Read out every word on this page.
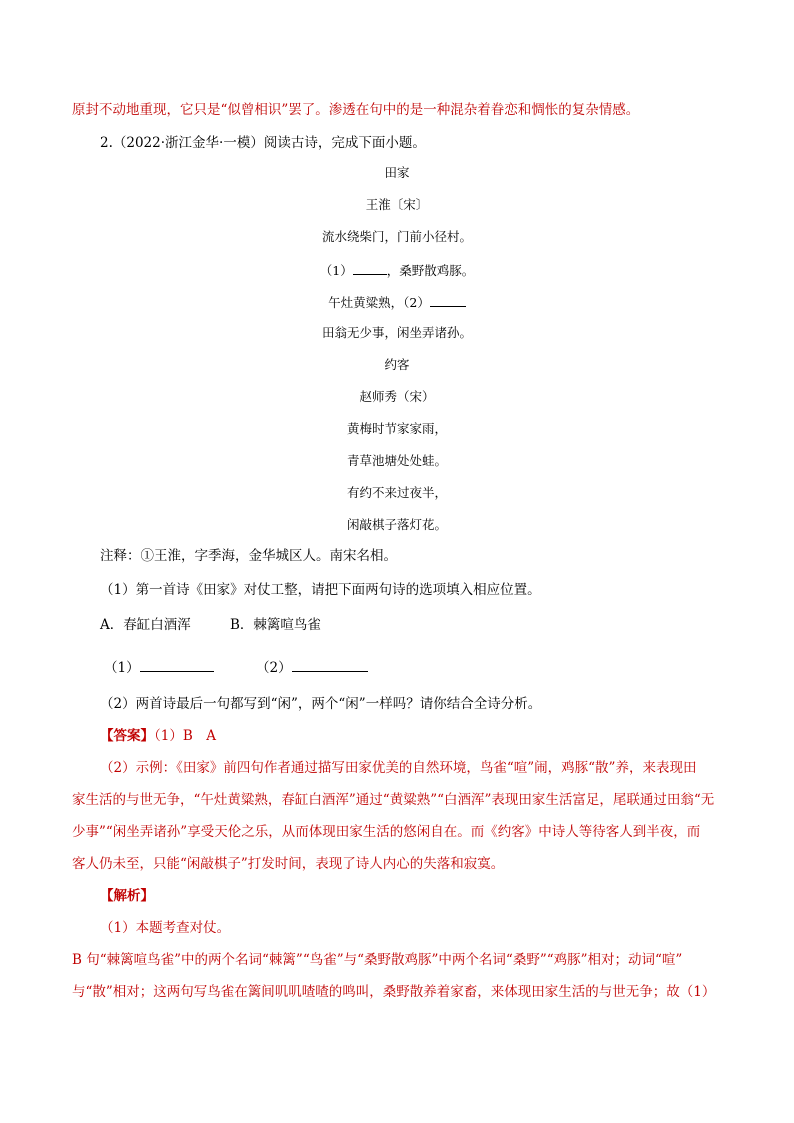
原封不动地重现，它只是“似曾相识”罢了。渗透在句中的是一种混杂着眷恋和惆怅的复杂情感。
2.（2022·浙江金华·一模）阅读古诗，完成下面小题。
田家
王淮〔宋〕
流水绕柴门，门前小径村。
（1）	，桑野散鸡豚。
午灶黄粱熟，（2）
田翁无少事，闲坐弄诸孙。
约客
赵师秀（宋）
黄梅时节家家雨，
青草池塘处处蛙。
有约不来过夜半，
闲敲棋子落灯花。
注释：①王淮，字季海，金华城区人。南宋名相。
（1）第一首诗《田家》对仗工整，请把下面两句诗的选项填入相应位置。
A．春缸白酒浑	B．棘篱喧鸟雀
（1）	（2）
（2）两首诗最后一句都写到“闲”，两个“闲”一样吗？请你结合全诗分析。
【答案】（1）B　A
（2）示例：《田家》前四句作者通过描写田家优美的自然环境，鸟雀“喧”闹，鸡豚“散”养，来表现田
家生活的与世无争，“午灶黄粱熟，春缸白酒浑”通过“黄粱熟”“白酒浑”表现田家生活富足，尾联通过田翁“无
少事”“闲坐弄诸孙”享受天伦之乐，从而体现田家生活的悠闲自在。而《约客》中诗人等待客人到半夜，而
客人仍未至，只能“闲敲棋子”打发时间，表现了诗人内心的失落和寂寞。
【解析】
（1）本题考查对仗。
B 句“棘篱喧鸟雀”中的两个名词“棘篱”“鸟雀”与“桑野散鸡豚”中两个名词“桑野”“鸡豚”相对；动词“喧”
与“散”相对；这两句写鸟雀在篱间叽叽喳喳的鸣叫，桑野散养着家畜，来体现田家生活的与世无争；故（1）
